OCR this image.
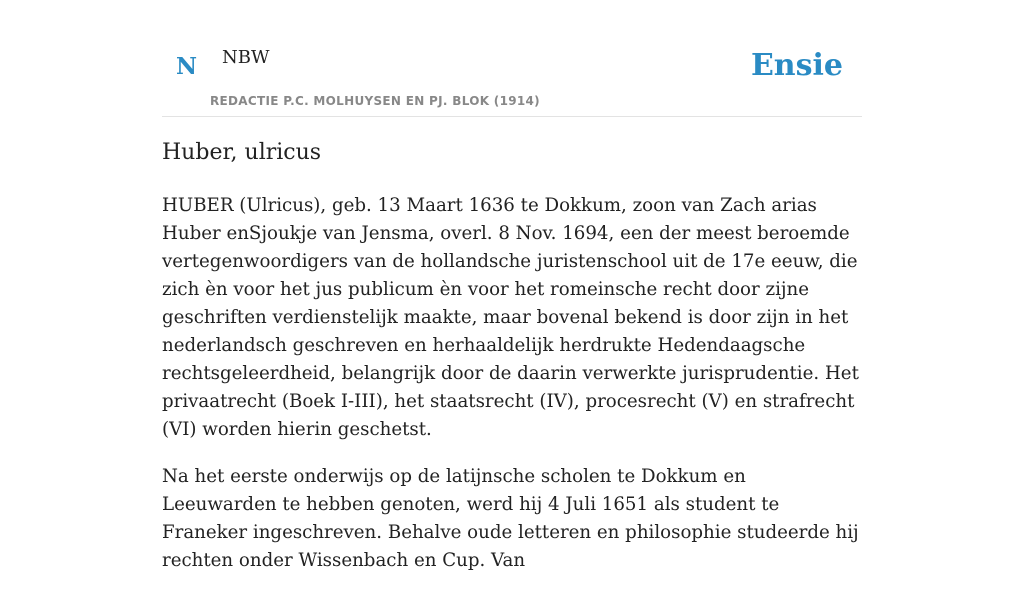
N NBW
REDACTIE P.C. MOLHUYSEN EN PJ. BLOK (1914)
Ensie
Huber, ulricus

HUBER (Ulricus), geb. 13 Maart 1636 te Dokkum, zoon van Zach arias Huber enSjoukje van Jensma, overl. 8 Nov. 1694, een der meest beroemde vertegenwoordigers van de hollandsche juristenschool uit de 17e eeuw, die zich èn voor het jus publicum èn voor het romeinsche recht door zijne geschriften verdienstelijk maakte, maar bovenal bekend is door zijn in het nederlandsch geschreven en herhaaldelijk herdrukte Hedendaagsche rechtsgeleerdheid, belangrijk door de daarin verwerkte jurisprudentie. Het privaatrecht (Boek I-III), het staatsrecht (IV), procesrecht (V) en strafrecht (VI) worden hierin geschetst.

Na het eerste onderwijs op de latijnsche scholen te Dokkum en Leeuwarden te hebben genoten, werd hij 4 Juli 1651 als student te Franeker ingeschreven. Behalve oude letteren en philosophie studeerde hij rechten onder Wissenbach en Cup. Van
